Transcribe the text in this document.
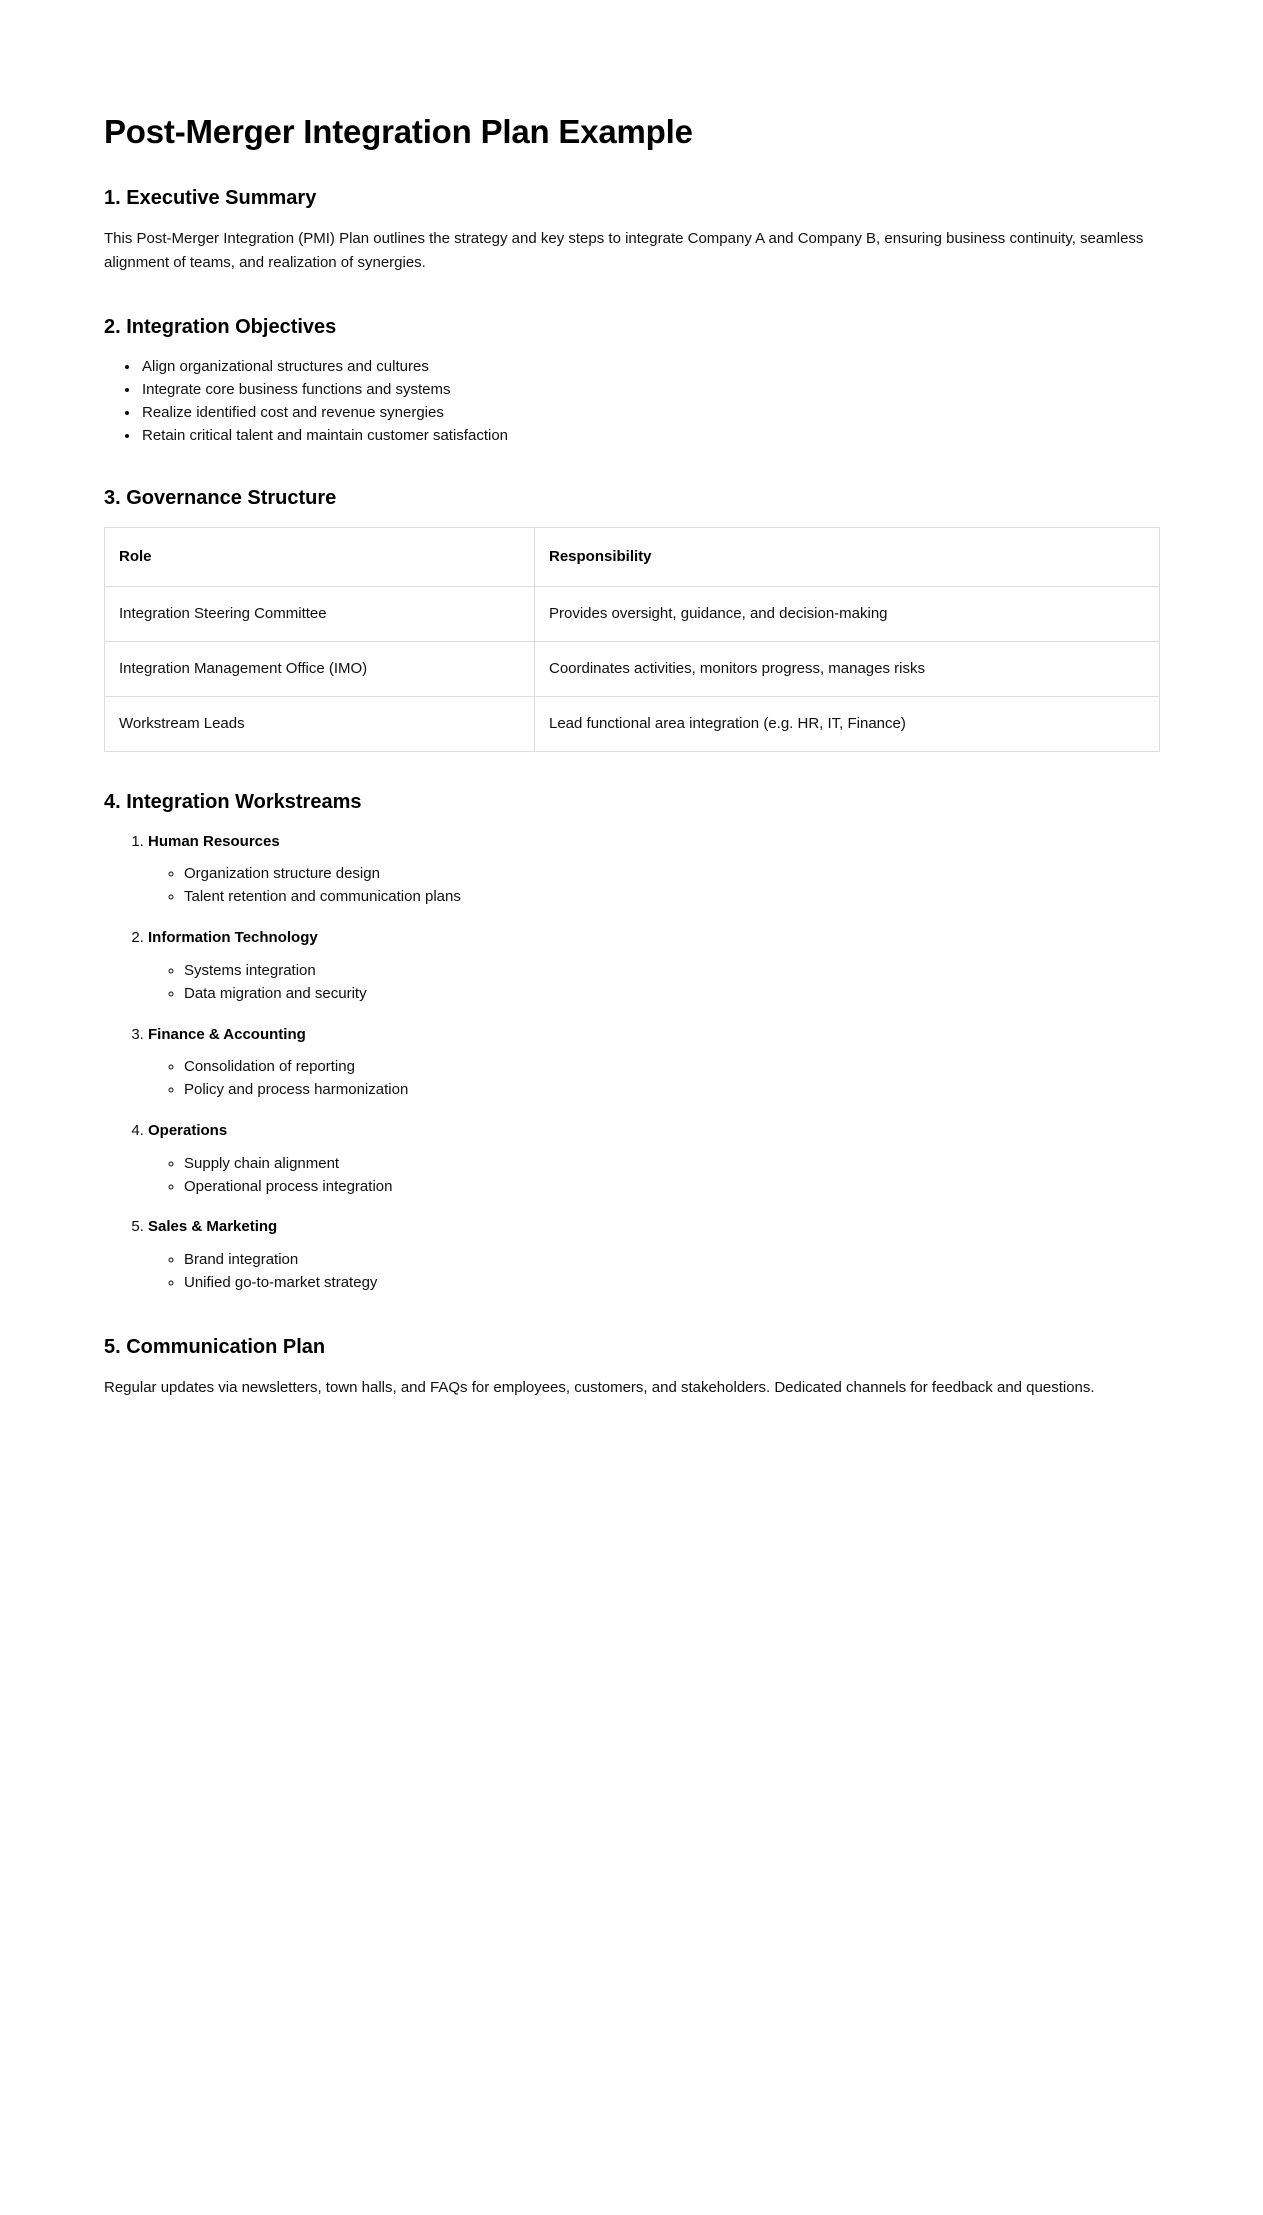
Post-Merger Integration Plan Example
1. Executive Summary

This Post-Merger Integration (PMI) Plan outlines the strategy and key steps to integrate Company A and Company B, ensuring business continuity, seamless alignment of teams, and realization of synergies.

2. Integration Objectives
• Align organizational structures and cultures
• Integrate core business functions and systems
• Realize identified cost and revenue synergies
• Retain critical talent and maintain customer satisfaction
3. Governance Structure
Role	Responsibility
Integration Steering Committee	Provides oversight, guidance, and decision-making
Integration Management Office (IMO)	Coordinates activities, monitors progress, manages risks
Workstream Leads	Lead functional area integration (e.g. HR, IT, Finance)
4. Integration Workstreams
1. Human Resources
◦ Organization structure design
◦ Talent retention and communication plans
2. Information Technology
◦ Systems integration
◦ Data migration and security
3. Finance & Accounting
◦ Consolidation of reporting
◦ Policy and process harmonization
4. Operations
◦ Supply chain alignment
◦ Operational process integration
5. Sales & Marketing
◦ Brand integration
◦ Unified go-to-market strategy
5. Communication Plan

Regular updates via newsletters, town halls, and FAQs for employees, customers, and stakeholders. Dedicated channels for feedback and questions.
